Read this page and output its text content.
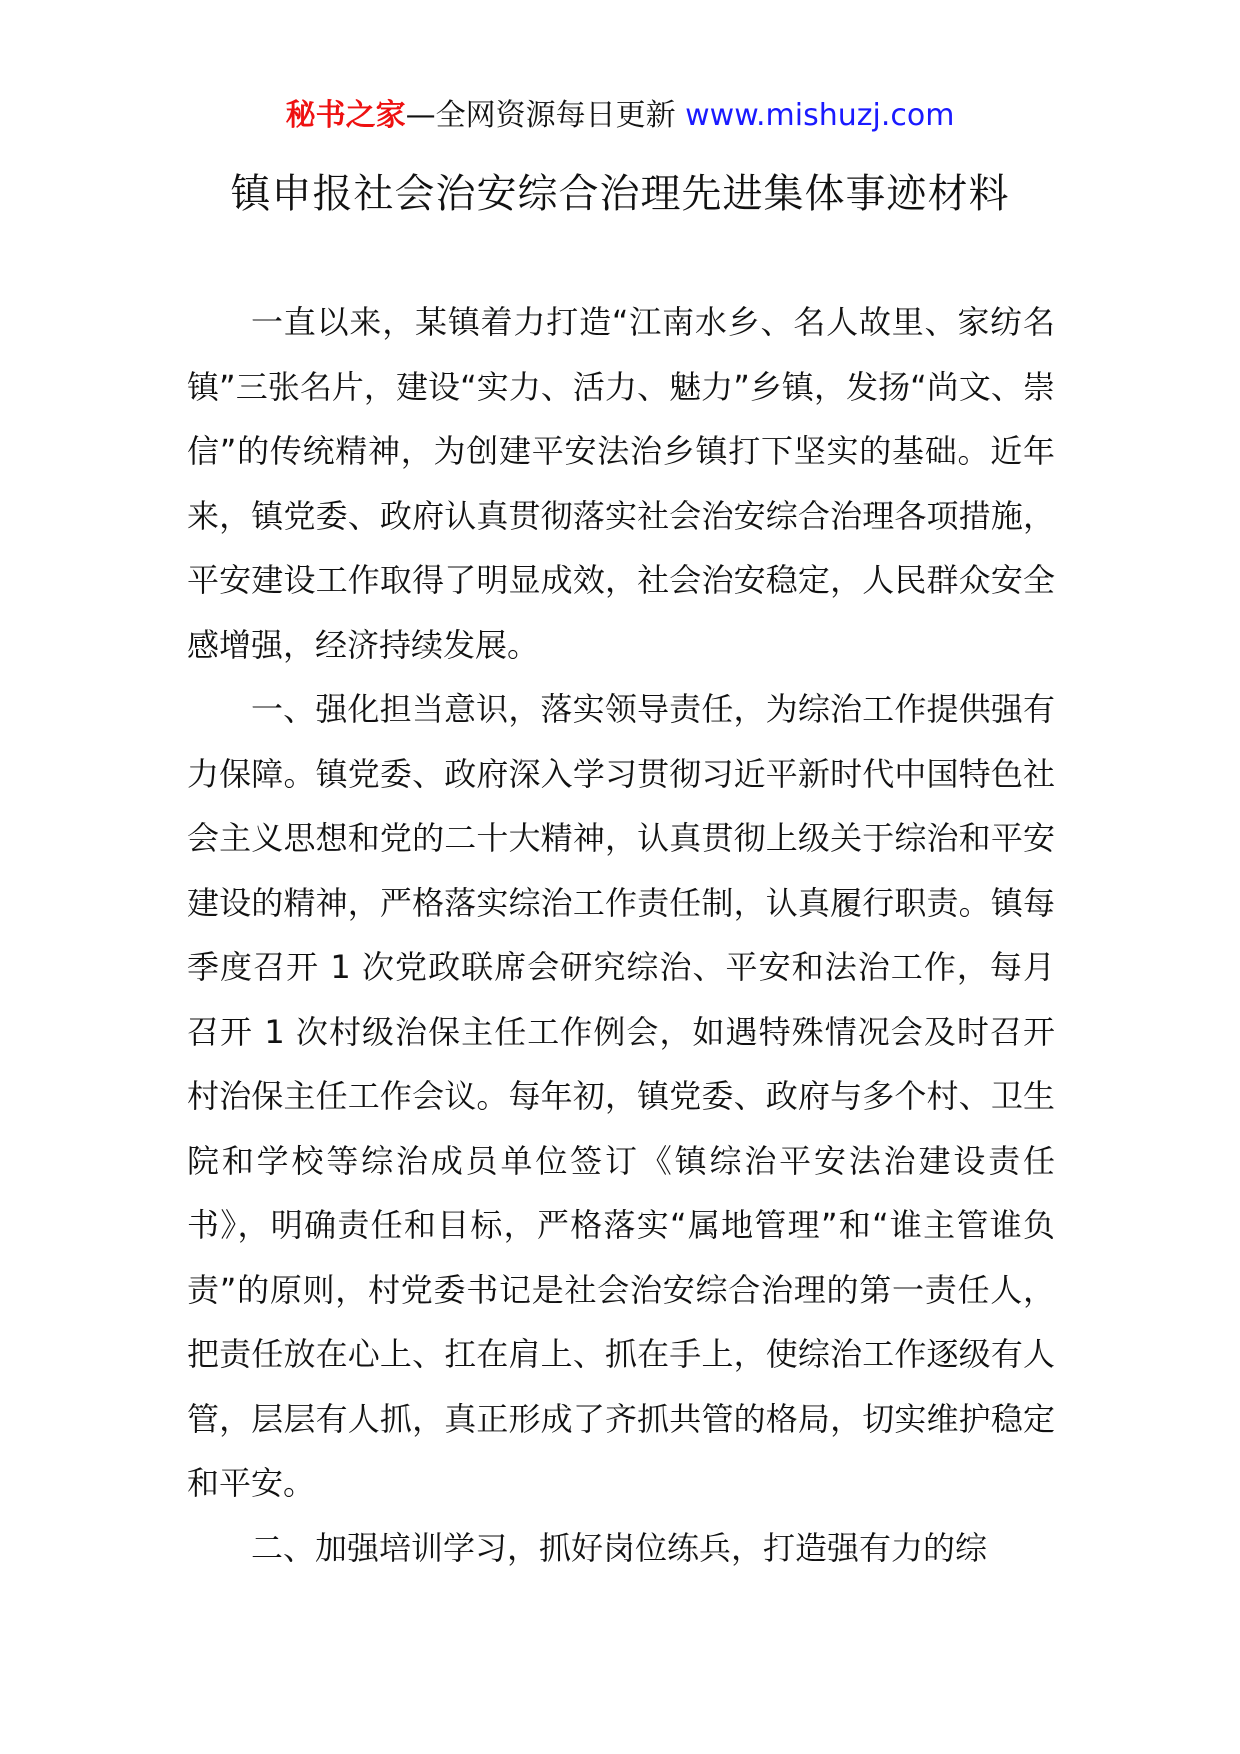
秘书之家—全网资源每日更新 www.mishuzj.com
镇申报社会治安综合治理先进集体事迹材料

一直以来，某镇着力打造“江南水乡、名人故里、家纺名镇”三张名片，建设“实力、活力、魅力”乡镇，发扬“尚文、崇信”的传统精神，为创建平安法治乡镇打下坚实的基础。近年来，镇党委、政府认真贯彻落实社会治安综合治理各项措施，平安建设工作取得了明显成效，社会治安稳定，人民群众安全感增强，经济持续发展。

一、强化担当意识，落实领导责任，为综治工作提供强有力保障。镇党委、政府深入学习贯彻习近平新时代中国特色社会主义思想和党的二十大精神，认真贯彻上级关于综治和平安建设的精神，严格落实综治工作责任制，认真履行职责。镇每季度召开 1 次党政联席会研究综治、平安和法治工作，每月召开 1 次村级治保主任工作例会，如遇特殊情况会及时召开村治保主任工作会议。每年初，镇党委、政府与多个村、卫生院和学校等综治成员单位签订《镇综治平安法治建设责任书》，明确责任和目标，严格落实“属地管理”和“谁主管谁负责”的原则，村党委书记是社会治安综合治理的第一责任人，把责任放在心上、扛在肩上、抓在手上，使综治工作逐级有人管，层层有人抓，真正形成了齐抓共管的格局，切实维护稳定和平安。

二、加强培训学习，抓好岗位练兵，打造强有力的综
